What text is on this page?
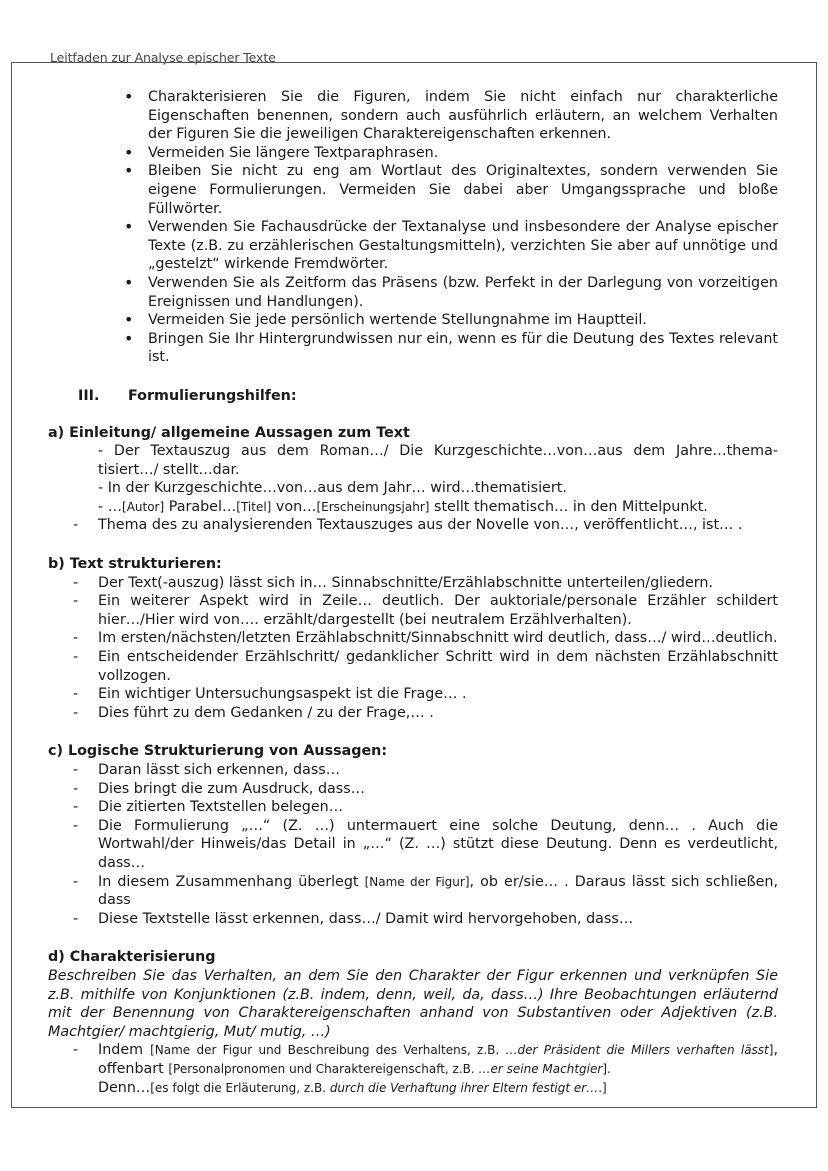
Leitfaden zur Analyse epischer Texte
• Charakterisieren Sie die Figuren, indem Sie nicht einfach nur charakterliche Eigenschaften benennen, sondern auch ausführlich erläutern, an welchem Verhalten der Figuren Sie die jeweiligen Charaktereigenschaften erkennen.
• Vermeiden Sie längere Textparaphrasen.
• Bleiben Sie nicht zu eng am Wortlaut des Originaltextes, sondern verwenden Sie eigene Formulierungen. Vermeiden Sie dabei aber Umgangssprache und bloße Füllwörter.
• Verwenden Sie Fachausdrücke der Textanalyse und insbesondere der Analyse epischer Texte (z.B. zu erzählerischen Gestaltungsmitteln), verzichten Sie aber auf unnötige und „gestelzt“ wirkende Fremdwörter.
• Verwenden Sie als Zeitform das Präsens (bzw. Perfekt in der Darlegung von vorzeitigen Ereignissen und Handlungen).
• Vermeiden Sie jede persönlich wertende Stellungnahme im Hauptteil.
• Bringen Sie Ihr Hintergrundwissen nur ein, wenn es für die Deutung des Textes relevant ist.
III. Formulierungshilfen:
a) Einleitung/ allgemeine Aussagen zum Text
- Der Textauszug aus dem Roman…/ Die Kurzgeschichte…von…aus dem Jahre…thema-tisiert…/ stellt…dar.
- In der Kurzgeschichte…von…aus dem Jahr… wird…thematisiert.
- …[Autor] Parabel…[Titel] von…[Erscheinungsjahr] stellt thematisch… in den Mittelpunkt.
- Thema des zu analysierenden Textauszuges aus der Novelle von…, veröffentlicht…, ist… .
b) Text strukturieren:
- Der Text(-auszug) lässt sich in… Sinnabschnitte/Erzählabschnitte unterteilen/gliedern.
- Ein weiterer Aspekt wird in Zeile… deutlich. Der auktoriale/personale Erzähler schildert hier…/Hier wird von…. erzählt/dargestellt (bei neutralem Erzählverhalten).
- Im ersten/nächsten/letzten Erzählabschnitt/Sinnabschnitt wird deutlich, dass…/ wird…deutlich.
- Ein entscheidender Erzählschritt/ gedanklicher Schritt wird in dem nächsten Erzählabschnitt vollzogen.
- Ein wichtiger Untersuchungsaspekt ist die Frage… .
- Dies führt zu dem Gedanken / zu der Frage,… .
c) Logische Strukturierung von Aussagen:
- Daran lässt sich erkennen, dass…
- Dies bringt die zum Ausdruck, dass…
- Die zitierten Textstellen belegen…
- Die Formulierung „…“ (Z. …) untermauert eine solche Deutung, denn… . Auch die Wortwahl/der Hinweis/das Detail in „…“ (Z. …) stützt diese Deutung. Denn es verdeutlicht, dass…
- In diesem Zusammenhang überlegt [Name der Figur], ob er/sie… . Daraus lässt sich schließen, dass
- Diese Textstelle lässt erkennen, dass…/ Damit wird hervorgehoben, dass…
d) Charakterisierung
Beschreiben Sie das Verhalten, an dem Sie den Charakter der Figur erkennen und verknüpfen Sie z.B. mithilfe von Konjunktionen (z.B. indem, denn, weil, da, dass…) Ihre Beobachtungen erläuternd mit der Benennung von Charaktereigenschaften anhand von Substantiven oder Adjektiven (z.B. Machtgier/ machtgierig, Mut/ mutig, …)
- Indem [Name der Figur und Beschreibung des Verhaltens, z.B. …der Präsident die Millers verhaften lässt], offenbart [Personalpronomen und Charaktereigenschaft, z.B. …er seine Machtgier].
Denn…[es folgt die Erläuterung, z.B. durch die Verhaftung ihrer Eltern festigt er….]
